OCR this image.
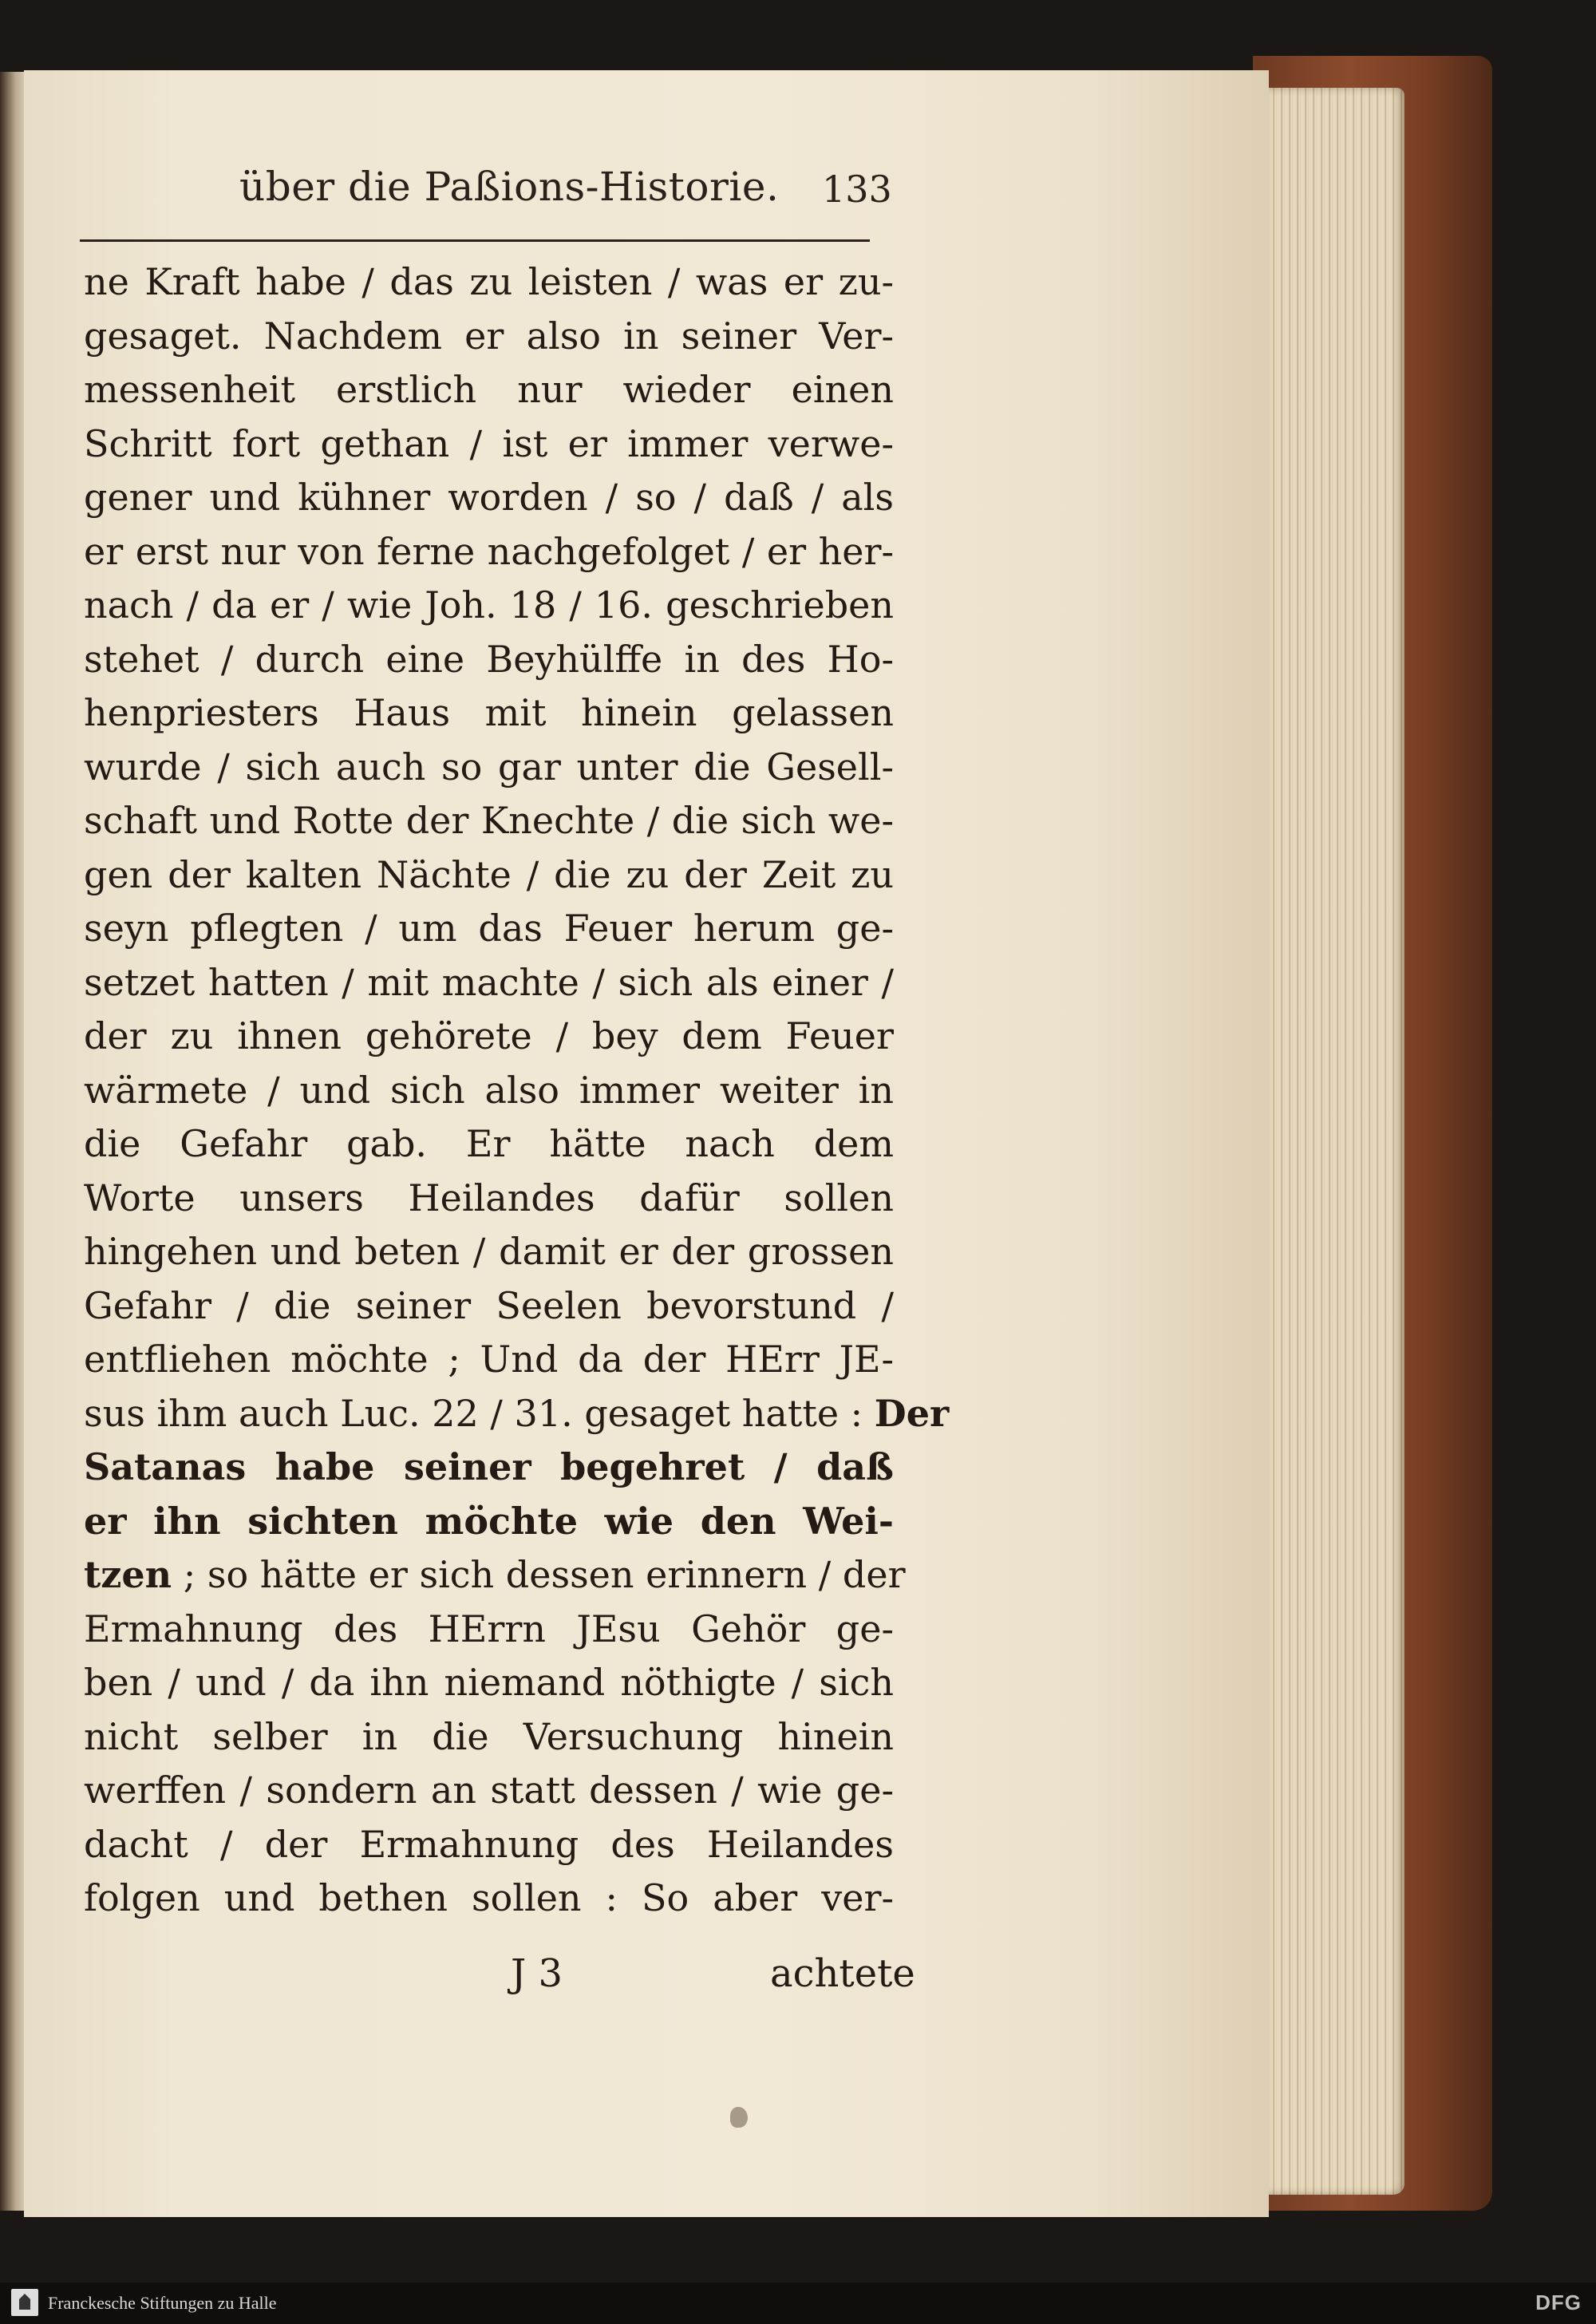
über die Paßions-Historie. 133
ne Kraft habe / das zu leisten / was er zu-
gesaget. Nachdem er also in seiner Ver-
messenheit erstlich nur wieder einen
Schritt fort gethan / ist er immer verwe-
gener und kühner worden / so / daß / als
er erst nur von ferne nachgefolget / er her-
nach / da er / wie Joh. 18 / 16. geschrieben
stehet / durch eine Beyhülffe in des Ho-
henpriesters Haus mit hinein gelassen
wurde / sich auch so gar unter die Gesell-
schaft und Rotte der Knechte / die sich we-
gen der kalten Nächte / die zu der Zeit zu
seyn pflegten / um das Feuer herum ge-
setzet hatten / mit machte / sich als einer /
der zu ihnen gehörete / bey dem Feuer
wärmete / und sich also immer weiter in
die Gefahr gab. Er hätte nach dem
Worte unsers Heilandes dafür sollen
hingehen und beten / damit er der grossen
Gefahr / die seiner Seelen bevorstund /
entfliehen möchte ; Und da der HErr JE-
sus ihm auch Luc. 22 / 31. gesaget hatte : Der
Satanas habe seiner begehret / daß
er ihn sichten möchte wie den Wei-
tzen ; so hätte er sich dessen erinnern / der
Ermahnung des HErrn JEsu Gehör ge-
ben / und / da ihn niemand nöthigte / sich
nicht selber in die Versuchung hinein
werffen / sondern an statt dessen / wie ge-
dacht / der Ermahnung des Heilandes
folgen und bethen sollen : So aber ver-
J 3	achtete
Franckesche Stiftungen zu Halle	DFG
